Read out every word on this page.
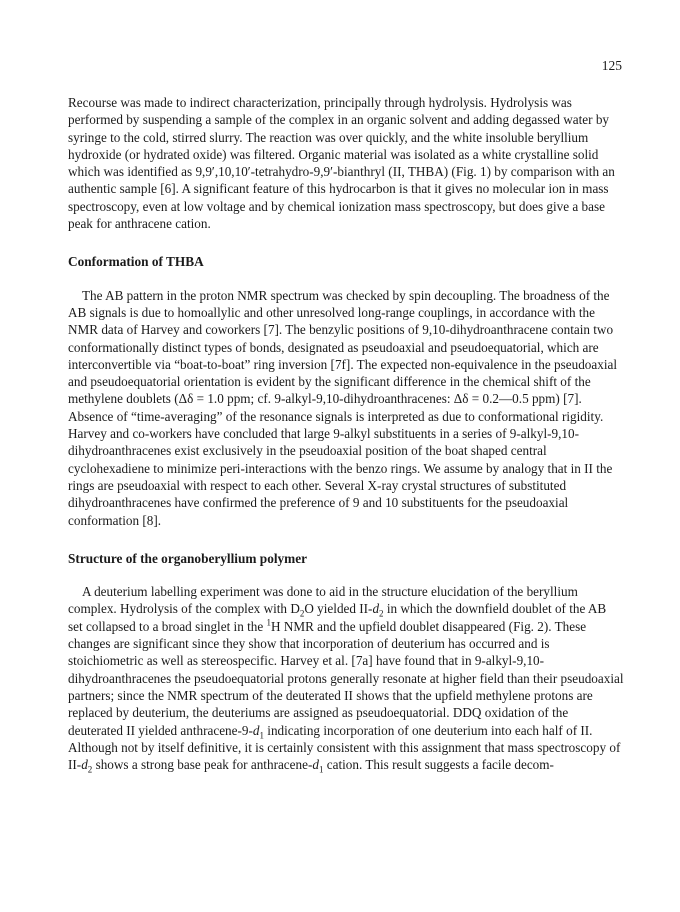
125

Recourse was made to indirect characterization, principally through hydrolysis. Hydrolysis was performed by suspending a sample of the complex in an organic solvent and adding degassed water by syringe to the cold, stirred slurry. The reaction was over quickly, and the white insoluble beryllium hydroxide (or hydrated oxide) was filtered. Organic material was isolated as a white crystalline solid which was identified as 9,9′,10,10′-tetrahydro-9,9′-bianthryl (II, THBA) (Fig. 1) by comparison with an authentic sample [6]. A significant feature of this hydrocarbon is that it gives no molecular ion in mass spectroscopy, even at low voltage and by chemical ionization mass spectroscopy, but does give a base peak for anthracene cation.

Conformation of THBA

The AB pattern in the proton NMR spectrum was checked by spin decoupling. The broadness of the AB signals is due to homoallylic and other unresolved long-range couplings, in accordance with the NMR data of Harvey and coworkers [7]. The benzylic positions of 9,10-dihydroanthracene contain two conformationally distinct types of bonds, designated as pseudoaxial and pseudoequatorial, which are interconvertible via “boat-to-boat” ring inversion [7f]. The expected non-equivalence in the pseudoaxial and pseudoequatorial orientation is evident by the significant difference in the chemical shift of the methylene doublets (Δδ = 1.0 ppm; cf. 9-alkyl-9,10-dihydroanthracenes: Δδ = 0.2—0.5 ppm) [7]. Absence of “time-averaging” of the resonance signals is interpreted as due to conformational rigidity. Harvey and co-workers have concluded that large 9-alkyl substituents in a series of 9-alkyl-9,10-dihydroanthracenes exist exclusively in the pseudoaxial position of the boat shaped central cyclohexadiene to minimize peri-interactions with the benzo rings. We assume by analogy that in II the rings are pseudoaxial with respect to each other. Several X-ray crystal structures of substituted dihydroanthracenes have confirmed the preference of 9 and 10 substituents for the pseudoaxial conformation [8].

Structure of the organoberyllium polymer

A deuterium labelling experiment was done to aid in the structure elucidation of the beryllium complex. Hydrolysis of the complex with $D_2O$ yielded $II-d_2$ in which the downfield doublet of the AB set collapsed to a broad singlet in the $^1$H NMR and the upfield doublet disappeared (Fig. 2). These changes are significant since they show that incorporation of deuterium has occurred and is stoichiometric as well as stereospecific. Harvey et al. [7a] have found that in 9-alkyl-9,10-dihydroanthracenes the pseudoequatorial protons generally resonate at higher field than their pseudoaxial partners; since the NMR spectrum of the deuterated II shows that the upfield methylene protons are replaced by deuterium, the deuteriums are assigned as pseudoequatorial. DDQ oxidation of the deuterated II yielded anthracene-$9-d_1$ indicating incorporation of one deuterium into each half of II. Although not by itself definitive, it is certainly consistent with this assignment that mass spectroscopy of $II-d_2$ shows a strong base peak for anthracene-$d_1$ cation. This result suggests a facile decom-
